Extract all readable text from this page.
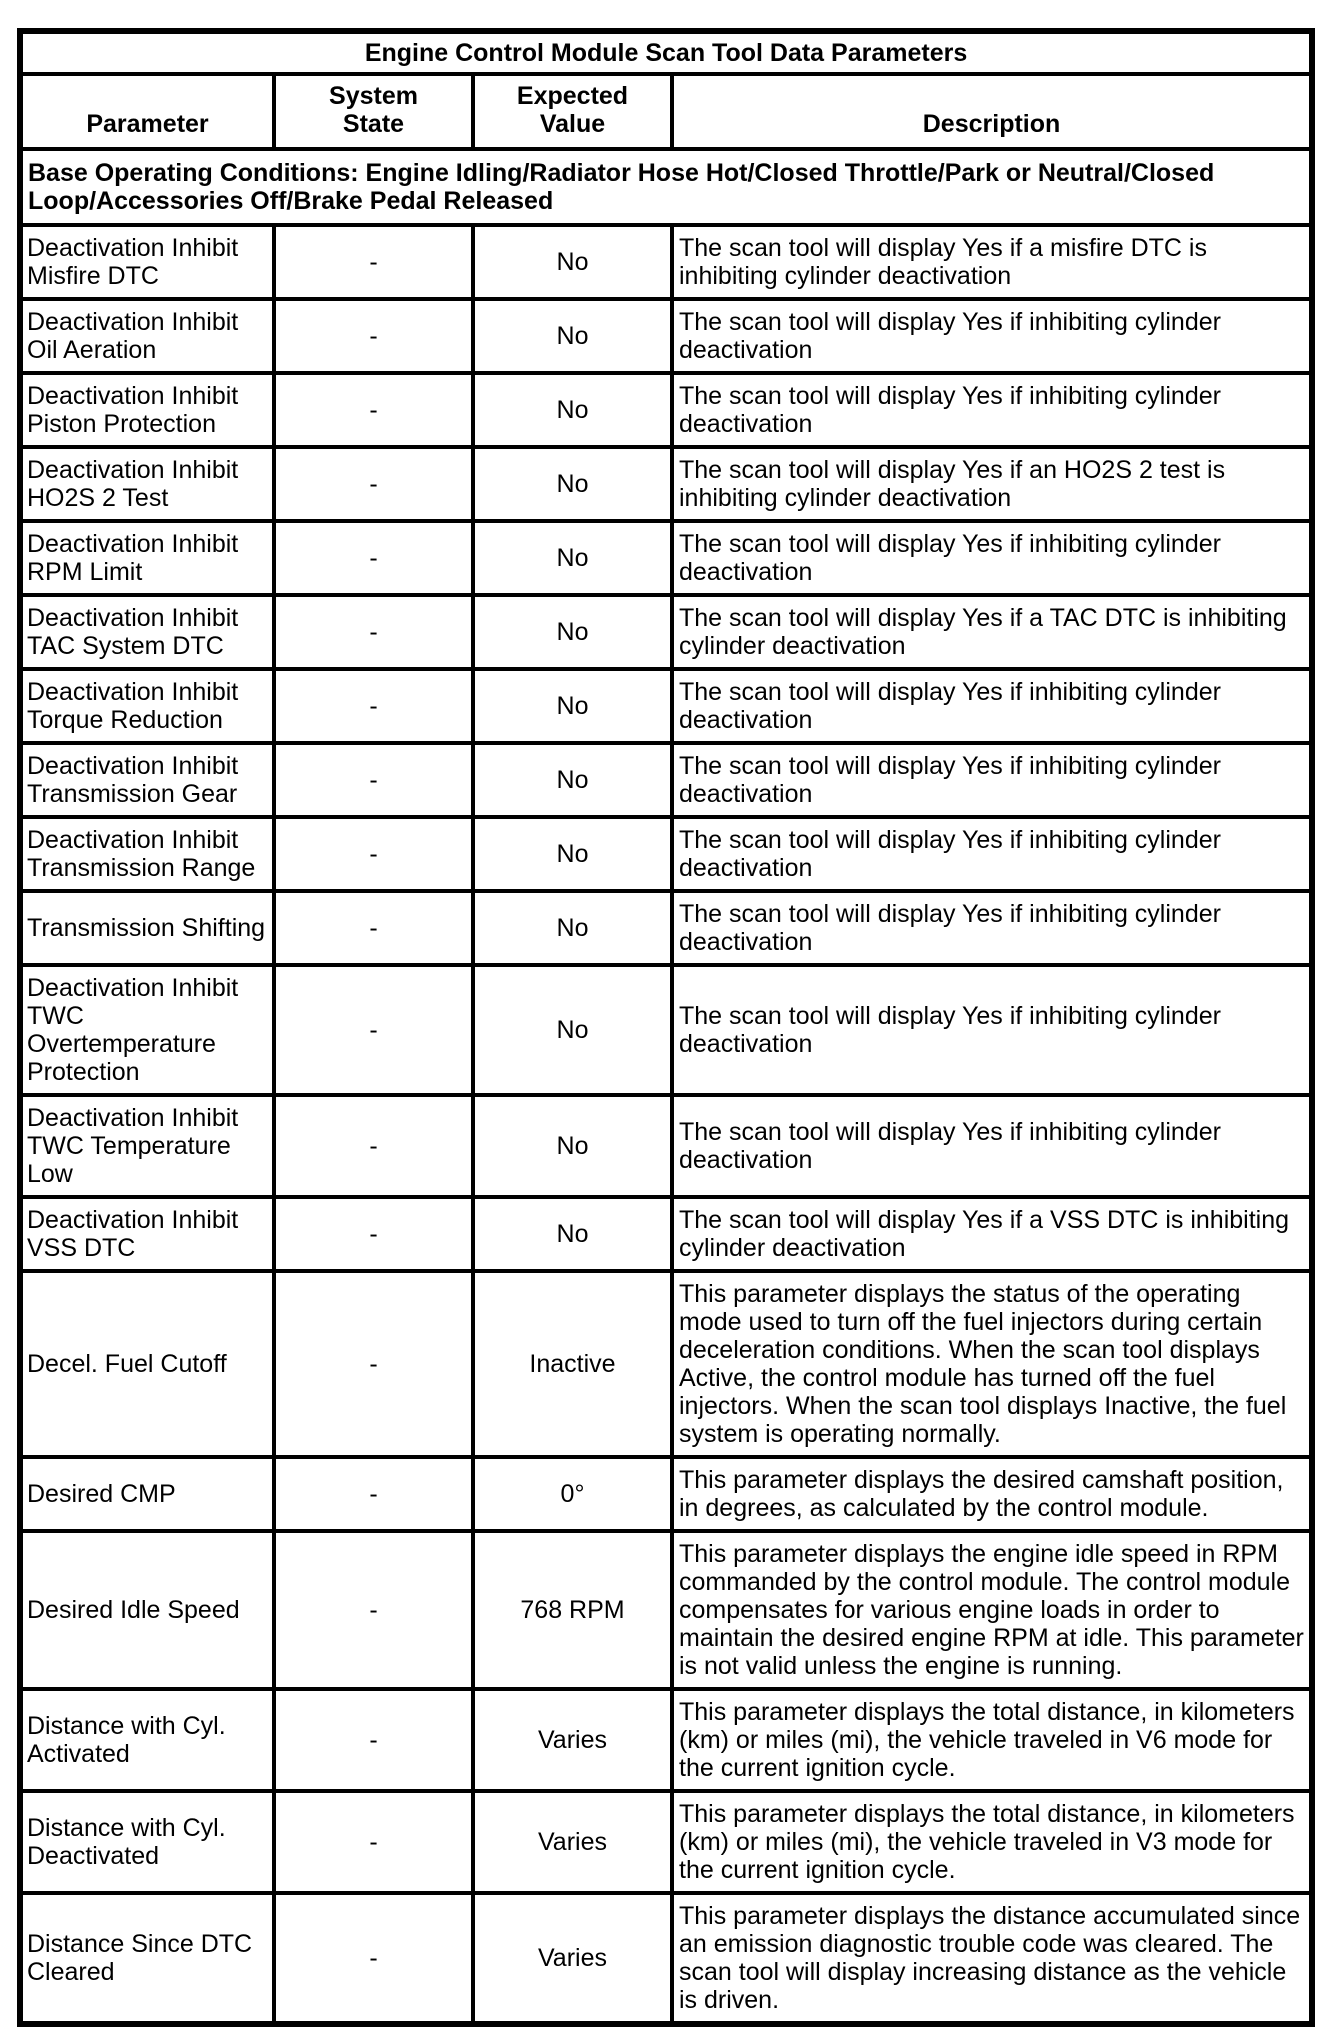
Engine Control Module Scan Tool Data Parameters			
Parameter	System State	Expected Value	Description
Base Operating Conditions: Engine Idling/Radiator Hose Hot/Closed Throttle/Park or Neutral/Closed Loop/Accessories Off/Brake Pedal Released			
Deactivation Inhibit Misfire DTC	-	No	The scan tool will display Yes if a misfire DTC is inhibiting cylinder deactivation
Deactivation Inhibit Oil Aeration	-	No	The scan tool will display Yes if inhibiting cylinder deactivation
Deactivation Inhibit Piston Protection	-	No	The scan tool will display Yes if inhibiting cylinder deactivation
Deactivation Inhibit HO2S 2 Test	-	No	The scan tool will display Yes if an HO2S 2 test is inhibiting cylinder deactivation
Deactivation Inhibit RPM Limit	-	No	The scan tool will display Yes if inhibiting cylinder deactivation
Deactivation Inhibit TAC System DTC	-	No	The scan tool will display Yes if a TAC DTC is inhibiting cylinder deactivation
Deactivation Inhibit Torque Reduction	-	No	The scan tool will display Yes if inhibiting cylinder deactivation
Deactivation Inhibit Transmission Gear	-	No	The scan tool will display Yes if inhibiting cylinder deactivation
Deactivation Inhibit Transmission Range	-	No	The scan tool will display Yes if inhibiting cylinder deactivation
Transmission Shifting	-	No	The scan tool will display Yes if inhibiting cylinder deactivation
Deactivation Inhibit TWC Overtemperature Protection	-	No	The scan tool will display Yes if inhibiting cylinder deactivation
Deactivation Inhibit TWC Temperature Low	-	No	The scan tool will display Yes if inhibiting cylinder deactivation
Deactivation Inhibit VSS DTC	-	No	The scan tool will display Yes if a VSS DTC is inhibiting cylinder deactivation
Decel. Fuel Cutoff	-	Inactive	This parameter displays the status of the operating mode used to turn off the fuel injectors during certain deceleration conditions. When the scan tool displays Active, the control module has turned off the fuel injectors. When the scan tool displays Inactive, the fuel system is operating normally.
Desired CMP	-	0°	This parameter displays the desired camshaft position, in degrees, as calculated by the control module.
Desired Idle Speed	-	768 RPM	This parameter displays the engine idle speed in RPM commanded by the control module. The control module compensates for various engine loads in order to maintain the desired engine RPM at idle. This parameter is not valid unless the engine is running.
Distance with Cyl. Activated	-	Varies	This parameter displays the total distance, in kilometers (km) or miles (mi), the vehicle traveled in V6 mode for the current ignition cycle.
Distance with Cyl. Deactivated	-	Varies	This parameter displays the total distance, in kilometers (km) or miles (mi), the vehicle traveled in V3 mode for the current ignition cycle.
Distance Since DTC Cleared	-	Varies	This parameter displays the distance accumulated since an emission diagnostic trouble code was cleared. The scan tool will display increasing distance as the vehicle is driven.
